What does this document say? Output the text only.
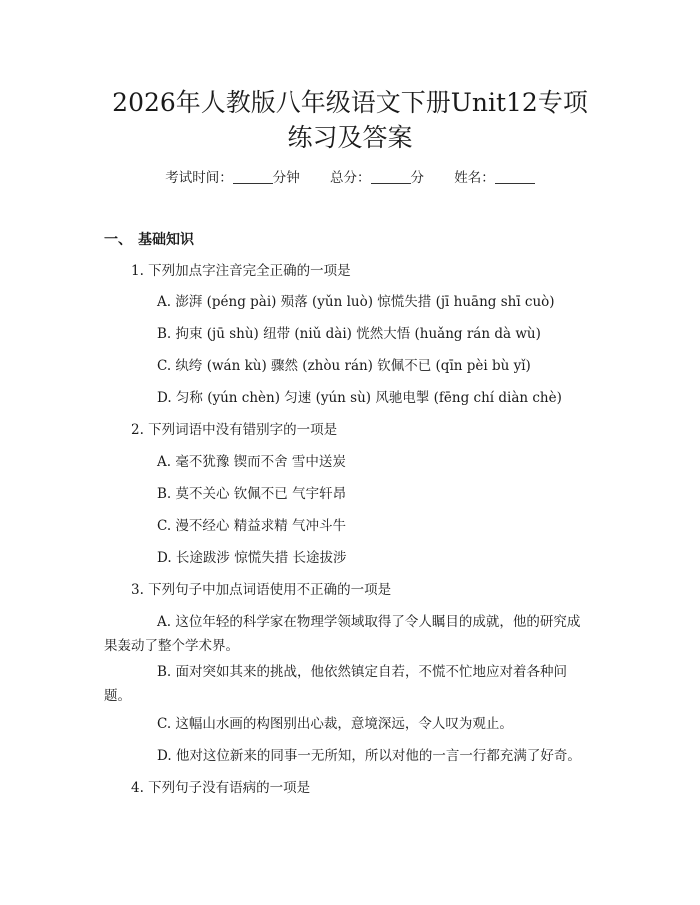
2026年人教版八年级语文下册Unit12专项
练习及答案
考试时间：	分钟 总分：	分 姓名：
一、 基础知识
1. 下列加点字注音完全正确的一项是
A. 澎湃 (péng pài) 殒落 (yǔn luò) 惊慌失措 (jī huāng shī cuò)
B. 拘束 (jū shù) 纽带 (niǔ dài) 恍然大悟 (huǎng rán dà wù)
C. 纨绔 (wán kù) 骤然 (zhòu rán) 钦佩不已 (qīn pèi bù yǐ)
D. 匀称 (yún chèn) 匀速 (yún sù) 风驰电掣 (fēng chí diàn chè)
2. 下列词语中没有错别字的一项是
A. 毫不犹豫 锲而不舍 雪中送炭
B. 莫不关心 钦佩不已 气宇轩昂
C. 漫不经心 精益求精 气冲斗牛
D. 长途跋涉 惊慌失措 长途拔涉
3. 下列句子中加点词语使用不正确的一项是
A. 这位年轻的科学家在物理学领域取得了令人瞩目的成就，他的研究成
果轰动了整个学术界。
B. 面对突如其来的挑战，他依然镇定自若，不慌不忙地应对着各种问
题。
C. 这幅山水画的构图别出心裁，意境深远，令人叹为观止。
D. 他对这位新来的同事一无所知，所以对他的一言一行都充满了好奇。
4. 下列句子没有语病的一项是
